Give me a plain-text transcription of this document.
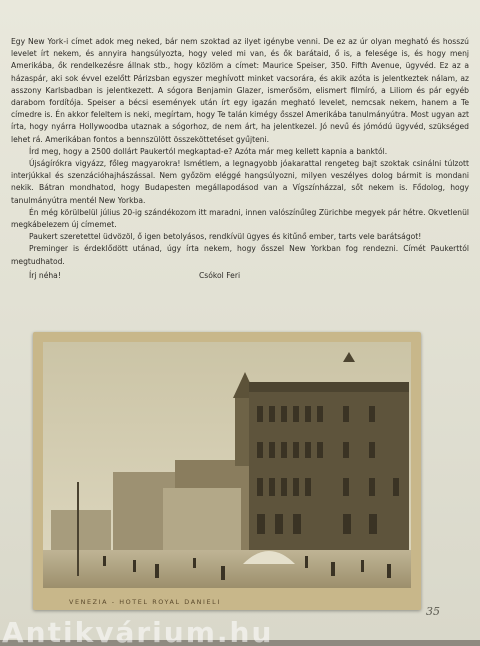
Egy New York-i címet adok meg neked, bár nem szoktad az ilyet igénybe venni. De ez az úr olyan megható és hosszú levelet írt nekem, és annyira hangsúlyozta, hogy veled mi van, és ők barátaid, ő is, a felesége is, és hogy menj Amerikába, ők rendelkezésre állnak stb., hogy közlöm a címet: Maurice Speiser, 350. Fifth Avenue, ügyvéd. Ez az a házaspár, aki sok évvel ezelőtt Párizsban egyszer meghívott minket vacsorára, és akik azóta is jelentkeztek nálam, az asszony Karlsbadban is jelentkezett. A sógora Benjamin Glazer, ismerősöm, elismert filmíró, a Liliom és pár egyéb darabom fordítója. Speiser a bécsi események után írt egy igazán megható levelet, nemcsak nekem, hanem a Te címedre is. Én akkor feleltem is neki, megírtam, hogy Te talán kimégy ősszel Amerikába tanulmányútra. Most ugyan azt írta, hogy nyárra Hollywoodba utaznak a sógorhoz, de nem árt, ha jelentkezel. Jó nevű és jómódú ügyvéd, szükséged lehet rá. Amerikában fontos a bennszülött összeköttetéset gyűjteni.

Írd meg, hogy a 2500 dollárt Paukertól megkaptad-e? Azóta már meg kellett kapnia a banktól.

Újságírókra vigyázz, főleg magyarokra! Ismétlem, a legnagyobb jóakarattal rengeteg bajt szoktak csinálni túlzott interjúkkal és szenzációhajhászással. Nem győzöm eléggé hangsúlyozni, milyen veszélyes dolog bármit is mondani nekik. Bátran mondhatod, hogy Budapesten megállapodásod van a Vígszínházzal, sőt nekem is. Fődolog, hogy tanulmányútra mentél New Yorkba.

Én még körülbelül július 20-ig szándékozom itt maradni, innen valószínűleg Zürichbe megyek pár hétre. Okvetlenül megkábelezem új címemet.

Paukert szeretettel üdvözöl, ő igen betolyásos, rendkívül ügyes és kitűnő ember, tarts vele barátságot!

Preminger is érdeklődött utánad, úgy írta nekem, hogy ősszel New Yorkban fog rendezni. Címét Paukerttól megtudhatod.

Írj néha!	Csókol Feri
VENEZIA - HOTEL ROYAL DANIELI
35
Antikvárium.hu
